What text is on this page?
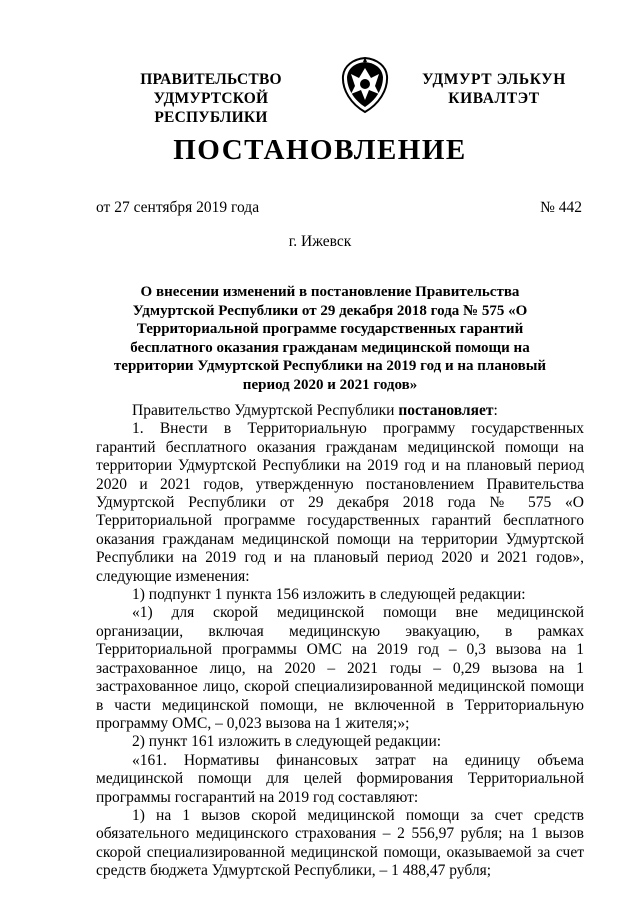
ПРАВИТЕЛЬСТВО
УДМУРТСКОЙ РЕСПУБЛИКИ
УДМУРТ ЭЛЬКУН
КИВАЛТЭТ
ПОСТАНОВЛЕНИЕ
от 27 сентября 2019 года	№ 442
г. Ижевск
О внесении изменений в постановление Правительства Удмуртской Республики от 29 декабря 2018 года № 575 «О Территориальной программе государственных гарантий бесплатного оказания гражданам медицинской помощи на территории Удмуртской Республики на 2019 год и на плановый период 2020 и 2021 годов»

Правительство Удмуртской Республики постановляет:

1. Внести в Территориальную программу государственных гарантий бесплатного оказания гражданам медицинской помощи на территории Удмуртской Республики на 2019 год и на плановый период 2020 и 2021 годов, утвержденную постановлением Правительства Удмуртской Республики от 29 декабря 2018 года № 575 «О Территориальной программе государственных гарантий бесплатного оказания гражданам медицинской помощи на территории Удмуртской Республики на 2019 год и на плановый период 2020 и 2021 годов», следующие изменения:

1) подпункт 1 пункта 156 изложить в следующей редакции:

«1) для скорой медицинской помощи вне медицинской организации, включая медицинскую эвакуацию, в рамках Территориальной программы ОМС на 2019 год – 0,3 вызова на 1 застрахованное лицо, на 2020 – 2021 годы – 0,29 вызова на 1 застрахованное лицо, скорой специализированной медицинской помощи в части медицинской помощи, не включенной в Территориальную программу ОМС, – 0,023 вызова на 1 жителя;»;

2) пункт 161 изложить в следующей редакции:

«161. Нормативы финансовых затрат на единицу объема медицинской помощи для целей формирования Территориальной программы госгарантий на 2019 год составляют:

1) на 1 вызов скорой медицинской помощи за счет средств обязательного медицинского страхования – 2 556,97 рубля; на 1 вызов скорой специализированной медицинской помощи, оказываемой за счет средств бюджета Удмуртской Республики, – 1 488,47 рубля;
